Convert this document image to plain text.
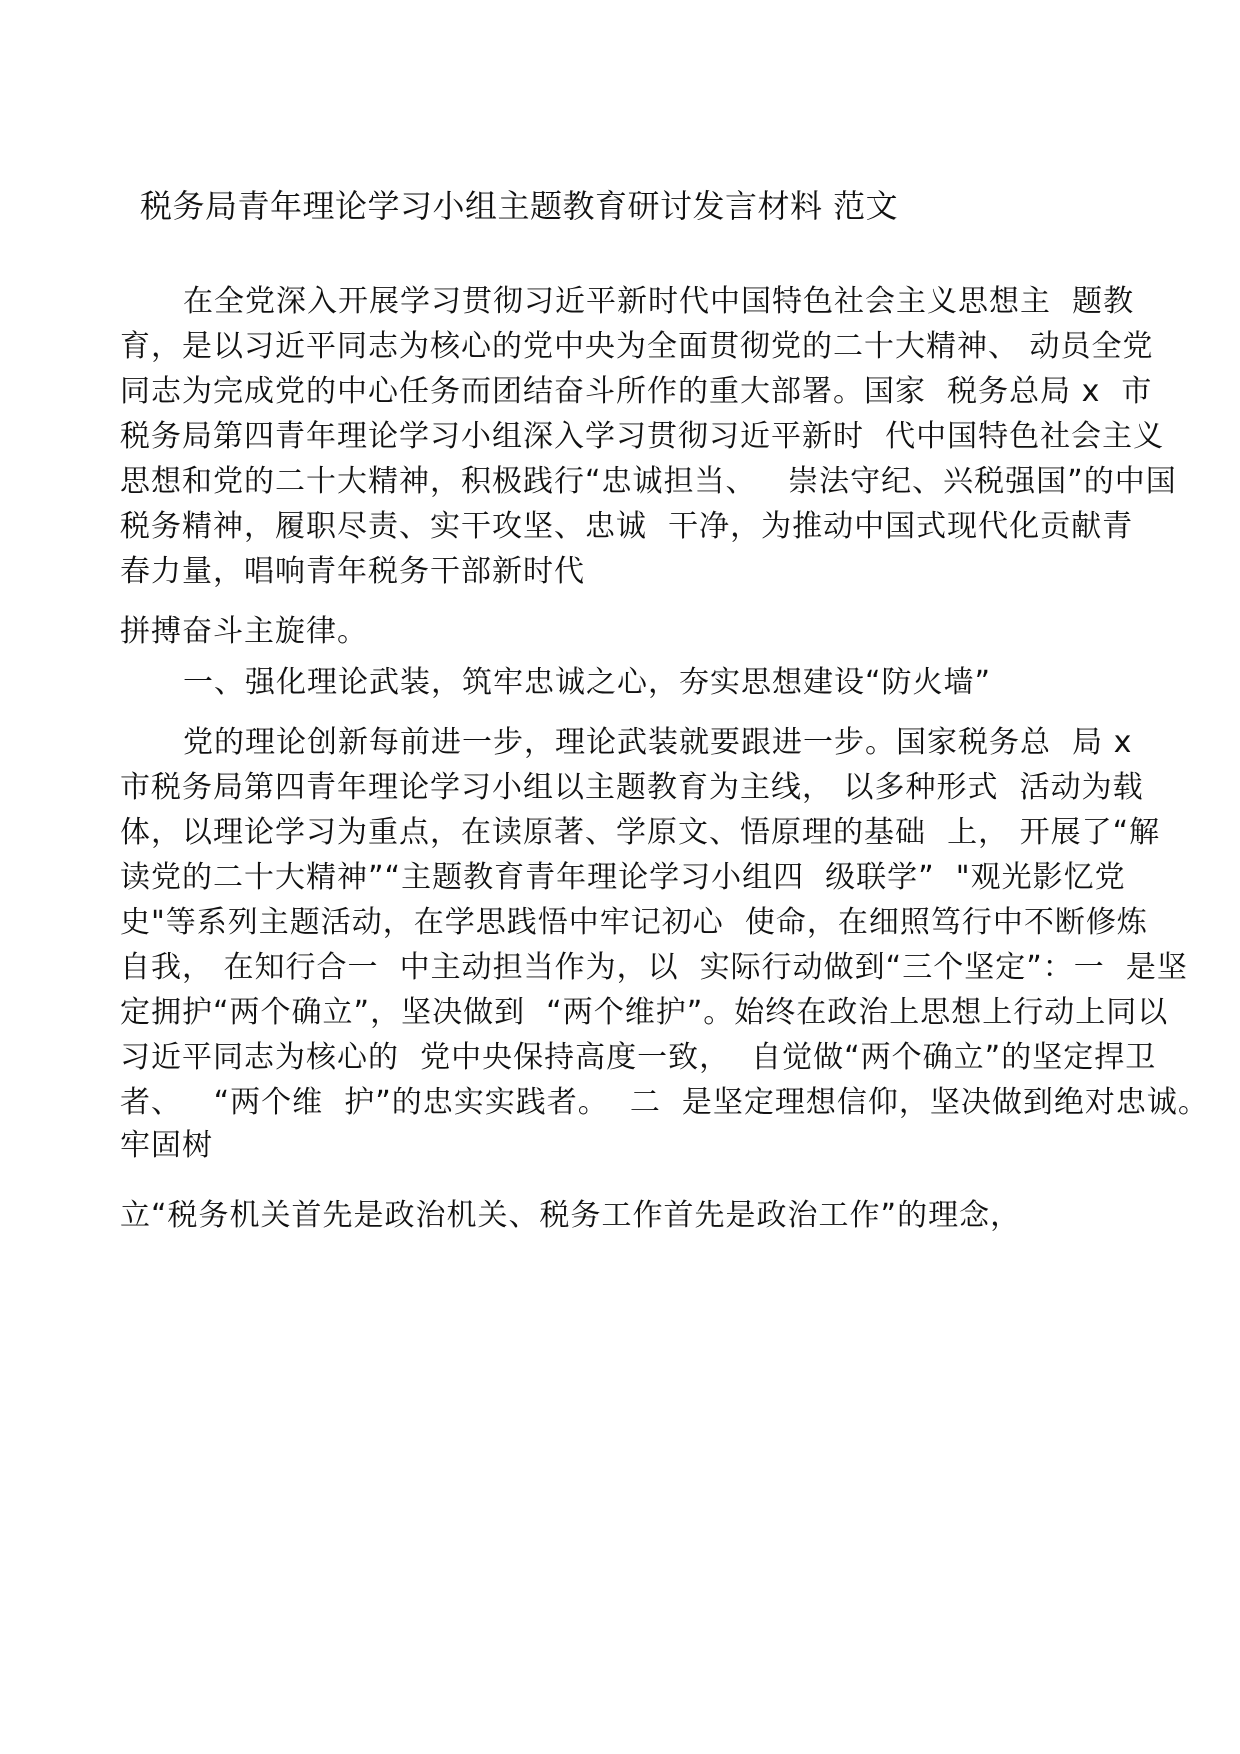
税务局青年理论学习小组主题教育研讨发言材料 范文
在全党深入开展学习贯彻习近平新时代中国特色社会主义思想主  题教
育，是以习近平同志为核心的党中央为全面贯彻党的二十大精神、 动员全党
同志为完成党的中心任务而团结奋斗所作的重大部署。国家  税务总局 x  市
税务局第四青年理论学习小组深入学习贯彻习近平新时  代中国特色社会主义
思想和党的二十大精神，积极践行“忠诚担当、   崇法守纪、兴税强国”的中国
税务精神，履职尽责、实干攻坚、忠诚  干净，为推动中国式现代化贡献青
春力量，唱响青年税务干部新时代
拼搏奋斗主旋律。
一、强化理论武装，筑牢忠诚之心，夯实思想建设“防火墙”
党的理论创新每前进一步，理论武装就要跟进一步。国家税务总  局 x
市税务局第四青年理论学习小组以主题教育为主线， 以多种形式  活动为载
体，以理论学习为重点，在读原著、学原文、悟原理的基础  上， 开展了“解
读党的二十大精神”“主题教育青年理论学习小组四  级联学”  "观光影忆党
史"等系列主题活动，在学思践悟中牢记初心  使命，在细照笃行中不断修炼
自我， 在知行合一  中主动担当作为，以  实际行动做到“三个坚定”：一  是坚
定拥护“两个确立”，坚决做到  “两个维护”。始终在政治上思想上行动上同以
习近平同志为核心的  党中央保持高度一致，  自觉做“两个确立”的坚定捍卫
者、   “两个维  护”的忠实实践者。  二  是坚定理想信仰，坚决做到绝对忠诚。
牢固树
立“税务机关首先是政治机关、税务工作首先是政治工作”的理念，
